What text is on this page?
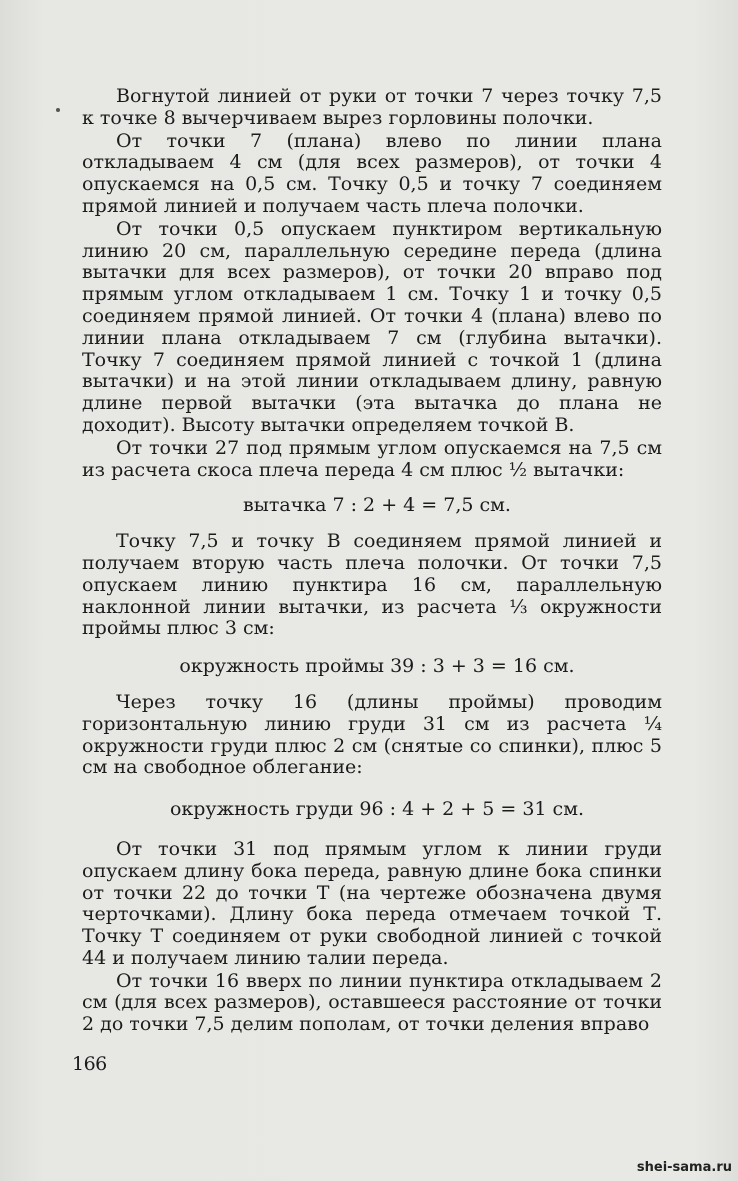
Вогнутой линией от руки от точки 7 через точку 7,5 к точке 8 вычерчиваем вырез горловины полочки.

От точки 7 (плана) влево по линии плана откладываем 4 см (для всех размеров), от точки 4 опускаемся на 0,5 см. Точку 0,5 и точку 7 соединяем прямой линией и получаем часть плеча полочки.

От точки 0,5 опускаем пунктиром вертикальную линию 20 см, параллельную середине переда (длина вытачки для всех размеров), от точки 20 вправо под прямым углом откладываем 1 см. Точку 1 и точку 0,5 соединяем прямой линией. От точки 4 (плана) влево по линии плана откладываем 7 см (глубина вытачки). Точку 7 соединяем прямой линией с точкой 1 (длина вытачки) и на этой линии откладываем длину, равную длине первой вытачки (эта вытачка до плана не доходит). Высоту вытачки определяем точкой В.

От точки 27 под прямым углом опускаемся на 7,5 см из расчета скоса плеча переда 4 см плюс ½ вытачки:

вытачка 7 : 2 + 4 = 7,5 см.

Точку 7,5 и точку В соединяем прямой линией и получаем вторую часть плеча полочки. От точки 7,5 опускаем линию пунктира 16 см, параллельную наклонной линии вытачки, из расчета ⅓ окружности проймы плюс 3 см:

окружность проймы 39 : 3 + 3 = 16 см.

Через точку 16 (длины проймы) проводим горизонтальную линию груди 31 см из расчета ¼ окружности груди плюс 2 см (снятые со спинки), плюс 5 см на свободное облегание:

окружность груди 96 : 4 + 2 + 5 = 31 см.

От точки 31 под прямым углом к линии груди опускаем длину бока переда, равную длине бока спинки от точки 22 до точки Т (на чертеже обозначена двумя черточками). Длину бока переда отмечаем точкой Т. Точку Т соединяем от руки свободной линией с точкой 44 и получаем линию талии переда.

От точки 16 вверх по линии пунктира откладываем 2 см (для всех размеров), оставшееся расстояние от точки 2 до точки 7,5 делим пополам, от точки деления вправо

166
shei-sama.ru
